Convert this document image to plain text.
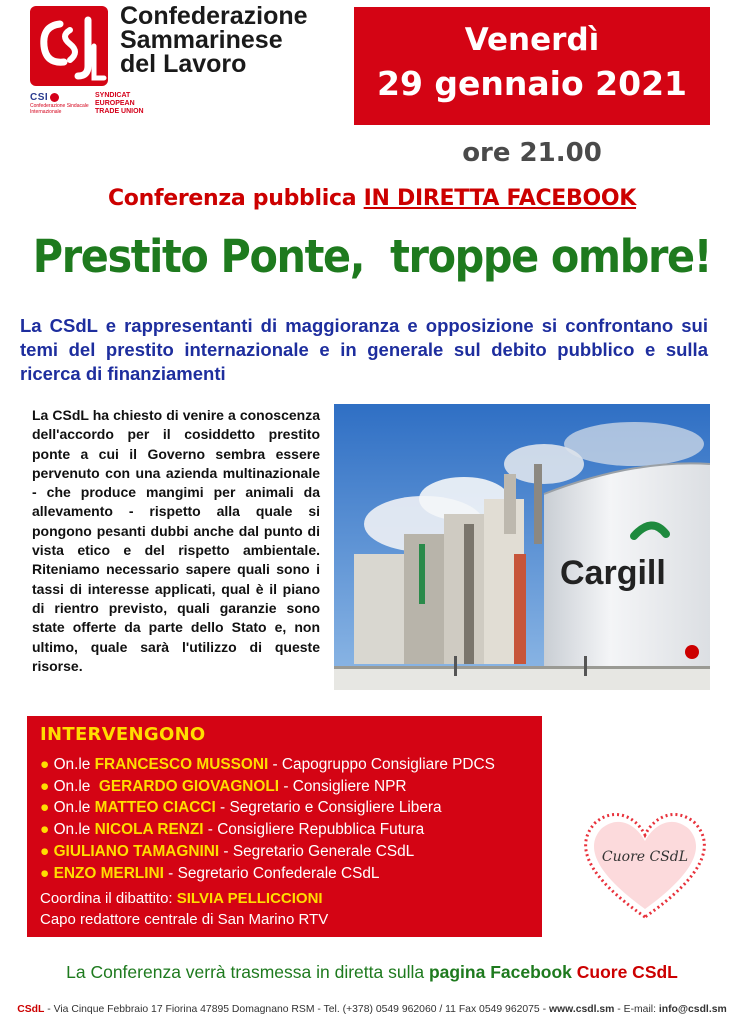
Confederazione
Sammarinese
del Lavoro
CSI
Confederazione Sindacale Internazionale
SYNDICAT
EUROPEAN
TRADE UNION
Venerdì
29 gennaio 2021
ore 21.00
Conferenza pubblica IN DIRETTA FACEBOOK
Prestito Ponte,  troppe ombre!
La CSdL e rappresentanti di maggioranza e opposizione si confrontano sui temi del prestito internazionale e in generale sul debito pubblico e sulla ricerca di finanziamenti
La CSdL ha chiesto di venire a conoscenza dell'accordo per il cosiddetto prestito ponte a cui il Governo sembra essere pervenuto con una azienda multinazionale - che produce mangimi per animali da allevamento - rispetto alla quale si pongono pesanti dubbi anche dal punto di vista etico e del rispetto ambientale. Riteniamo necessario sapere quali sono i tassi di interesse applicati, qual è il piano di rientro previsto, quali garanzie sono state offerte da parte dello Stato e, non ultimo, quale sarà l'utilizzo di queste risorse.
Cargill
INTERVENGONO
● On.le FRANCESCO MUSSONI - Capogruppo Consigliare PDCS
● On.le  GERARDO GIOVAGNOLI - Consigliere NPR
● On.le MATTEO CIACCI - Segretario e Consigliere Libera
● On.le NICOLA RENZI - Consigliere Repubblica Futura
● GIULIANO TAMAGNINI - Segretario Generale CSdL
● ENZO MERLINI - Segretario Confederale CSdL
Coordina il dibattito: SILVIA PELLICCIONI
Capo redattore centrale di San Marino RTV
Cuore CSdL
La Conferenza verrà trasmessa in diretta sulla pagina Facebook Cuore CSdL
CSdL - Via Cinque Febbraio 17 Fiorina 47895 Domagnano RSM - Tel. (+378) 0549 962060 / 11 Fax 0549 962075 - www.csdl.sm - E-mail: info@csdl.sm
